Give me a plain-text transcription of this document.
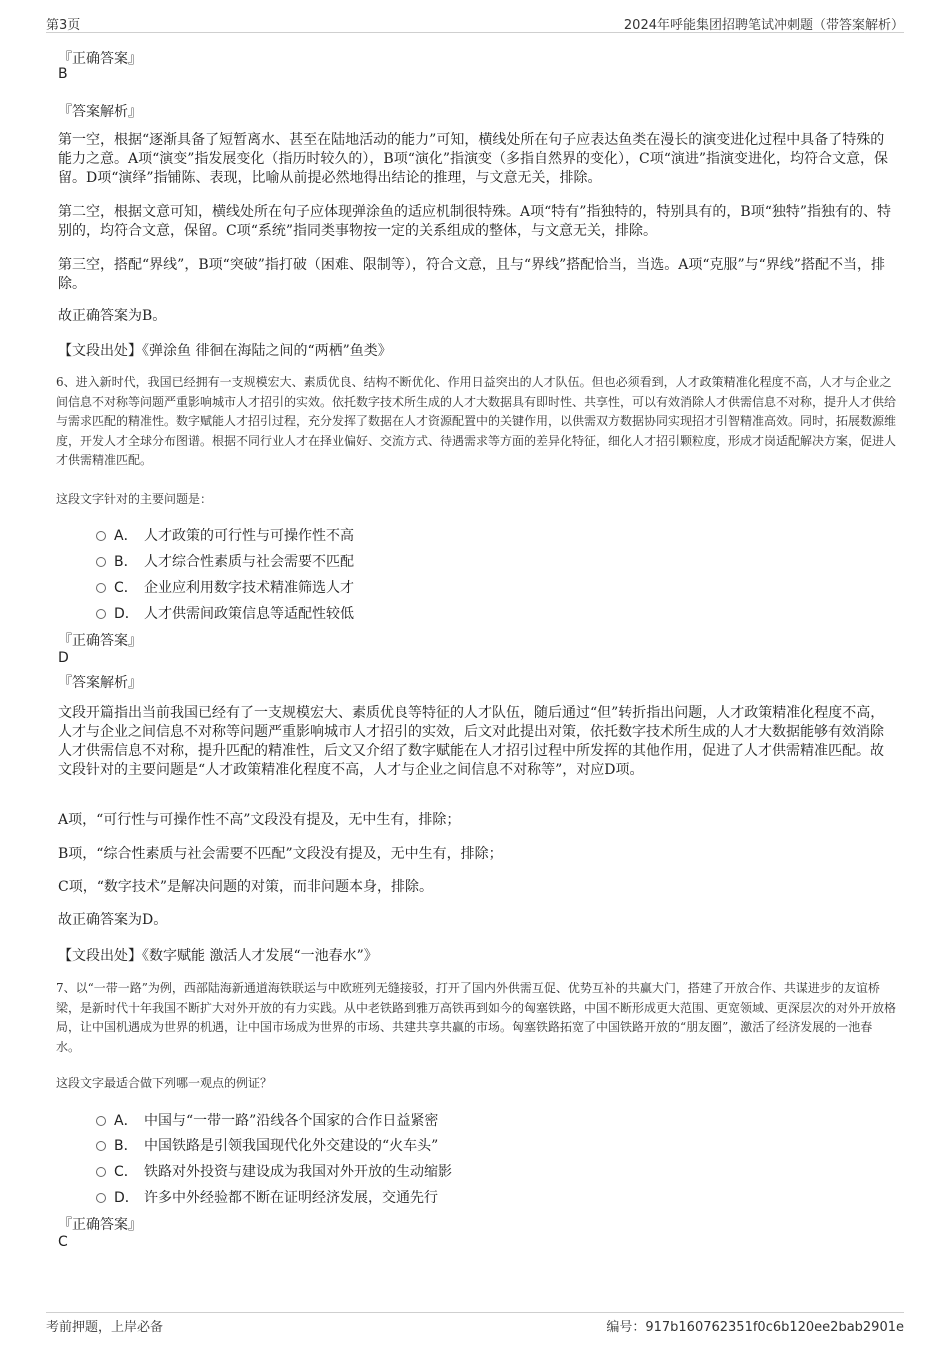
第3页	2024年呼能集团招聘笔试冲刺题（带答案解析）
『正确答案』
B
『答案解析』
第一空，根据“逐渐具备了短暂离水、甚至在陆地活动的能力”可知，横线处所在句子应表达鱼类在漫长的演变进化过程中具备了特殊的能力之意。A项“演变”指发展变化（指历时较久的），B项“演化”指演变（多指自然界的变化），C项“演进”指演变进化，均符合文意，保留。D项“演绎”指铺陈、表现，比喻从前提必然地得出结论的推理，与文意无关，排除。
第二空，根据文意可知，横线处所在句子应体现弹涂鱼的适应机制很特殊。A项“特有”指独特的，特别具有的，B项“独特”指独有的、特别的，均符合文意，保留。C项“系统”指同类事物按一定的关系组成的整体，与文意无关，排除。
第三空，搭配“界线”，B项“突破”指打破（困难、限制等），符合文意，且与“界线”搭配恰当，当选。A项“克服”与“界线”搭配不当，排除。
故正确答案为B。
【文段出处】《弹涂鱼 徘徊在海陆之间的“两栖”鱼类》
6、进入新时代，我国已经拥有一支规模宏大、素质优良、结构不断优化、作用日益突出的人才队伍。但也必须看到，人才政策精准化程度不高，人才与企业之间信息不对称等问题严重影响城市人才招引的实效。依托数字技术所生成的人才大数据具有即时性、共享性，可以有效消除人才供需信息不对称，提升人才供给与需求匹配的精准性。数字赋能人才招引过程，充分发挥了数据在人才资源配置中的关键作用，以供需双方数据协同实现招才引智精准高效。同时，拓展数源维度，开发人才全球分布图谱。根据不同行业人才在择业偏好、交流方式、待遇需求等方面的差异化特征，细化人才招引颗粒度，形成才岗适配解决方案，促进人才供需精准匹配。
这段文字针对的主要问题是：
A． 人才政策的可行性与可操作性不高
B． 人才综合性素质与社会需要不匹配
C． 企业应利用数字技术精准筛选人才
D． 人才供需间政策信息等适配性较低
『正确答案』
D
『答案解析』
文段开篇指出当前我国已经有了一支规模宏大、素质优良等特征的人才队伍，随后通过“但”转折指出问题，人才政策精准化程度不高，人才与企业之间信息不对称等问题严重影响城市人才招引的实效，后文对此提出对策，依托数字技术所生成的人才大数据能够有效消除人才供需信息不对称，提升匹配的精准性，后文又介绍了数字赋能在人才招引过程中所发挥的其他作用，促进了人才供需精准匹配。故文段针对的主要问题是“人才政策精准化程度不高，人才与企业之间信息不对称等”，对应D项。
A项，“可行性与可操作性不高”文段没有提及，无中生有，排除；
B项，“综合性素质与社会需要不匹配”文段没有提及，无中生有，排除；
C项，“数字技术”是解决问题的对策，而非问题本身，排除。
故正确答案为D。
【文段出处】《数字赋能 激活人才发展“一池春水”》
7、以“一带一路”为例，西部陆海新通道海铁联运与中欧班列无缝接驳，打开了国内外供需互促、优势互补的共赢大门，搭建了开放合作、共谋进步的友谊桥梁，是新时代十年我国不断扩大对外开放的有力实践。从中老铁路到雅万高铁再到如今的匈塞铁路，中国不断形成更大范围、更宽领域、更深层次的对外开放格局，让中国机遇成为世界的机遇，让中国市场成为世界的市场、共建共享共赢的市场。匈塞铁路拓宽了中国铁路开放的“朋友圈”，激活了经济发展的一池春水。
这段文字最适合做下列哪一观点的例证？
A． 中国与“一带一路”沿线各个国家的合作日益紧密
B． 中国铁路是引领我国现代化外交建设的“火车头”
C． 铁路对外投资与建设成为我国对外开放的生动缩影
D． 许多中外经验都不断在证明经济发展，交通先行
『正确答案』
C
考前押题，上岸必备	编号：917b160762351f0c6b120ee2bab2901e
